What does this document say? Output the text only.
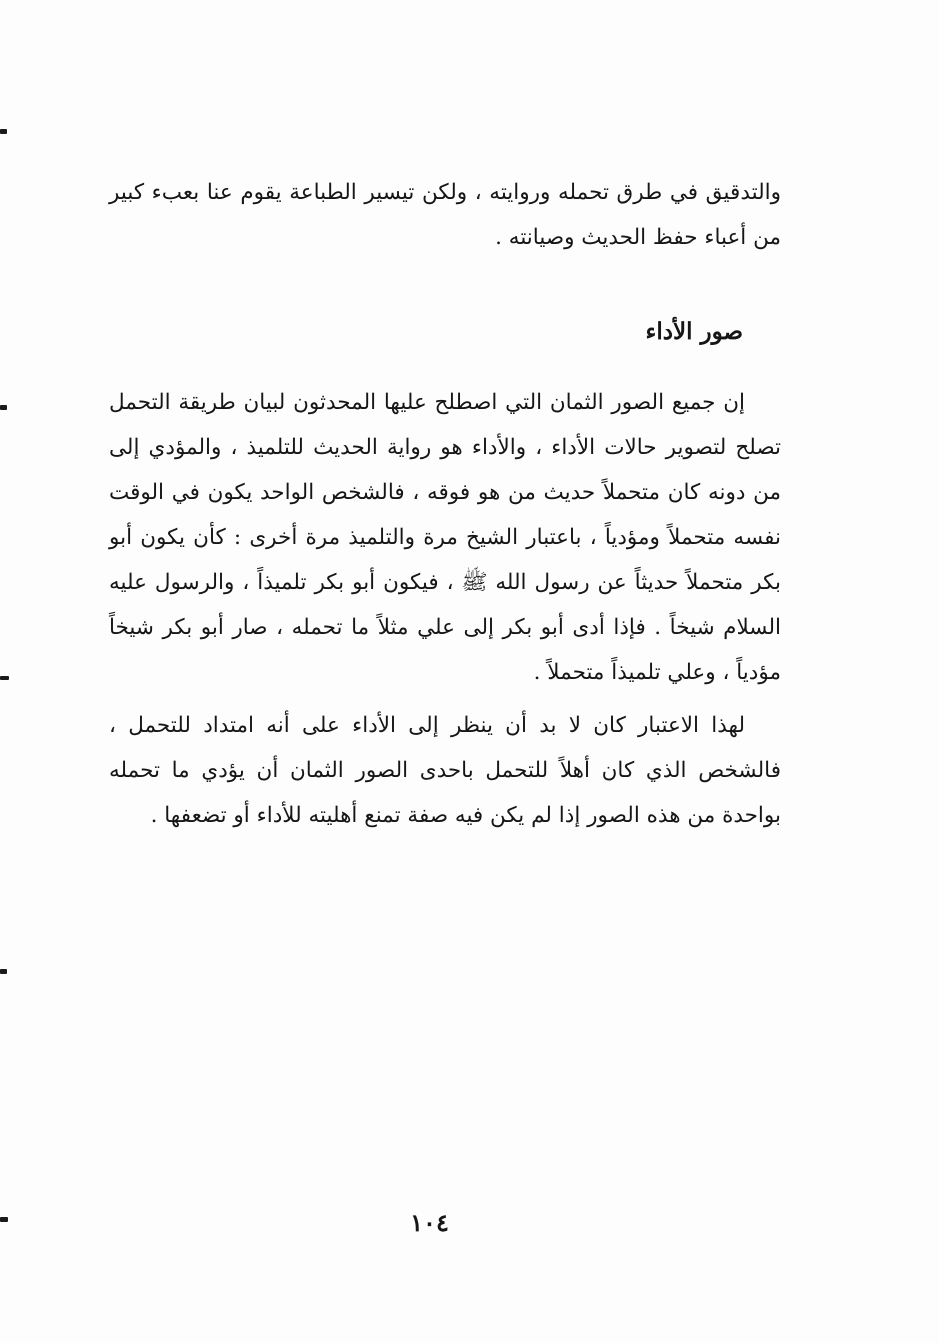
والتدقيق في طرق تحمله وروايته ، ولكن تيسير الطباعة يقوم عنا بعبء كبير من أعباء حفظ الحديث وصيانته .

صور الأداء

إن جميع الصور الثمان التي اصطلح عليها المحدثون لبيان طريقة التحمل تصلح لتصوير حالات الأداء ، والأداء هو رواية الحديث للتلميذ ، والمؤدي إلى من دونه كان متحملاً حديث من هو فوقه ، فالشخص الواحد يكون في الوقت نفسه متحملاً ومؤدياً ، باعتبار الشيخ مرة والتلميذ مرة أخرى : كأن يكون أبو بكر متحملاً حديثاً عن رسول الله ﷺ ، فيكون أبو بكر تلميذاً ، والرسول عليه السلام شيخاً . فإذا أدى أبو بكر إلى علي مثلاً ما تحمله ، صار أبو بكر شيخاً مؤدياً ، وعلي تلميذاً متحملاً .

لهذا الاعتبار كان لا بد أن ينظر إلى الأداء على أنه امتداد للتحمل ، فالشخص الذي كان أهلاً للتحمل باحدى الصور الثمان أن يؤدي ما تحمله بواحدة من هذه الصور إذا لم يكن فيه صفة تمنع أهليته للأداء أو تضعفها .

١٠٤
